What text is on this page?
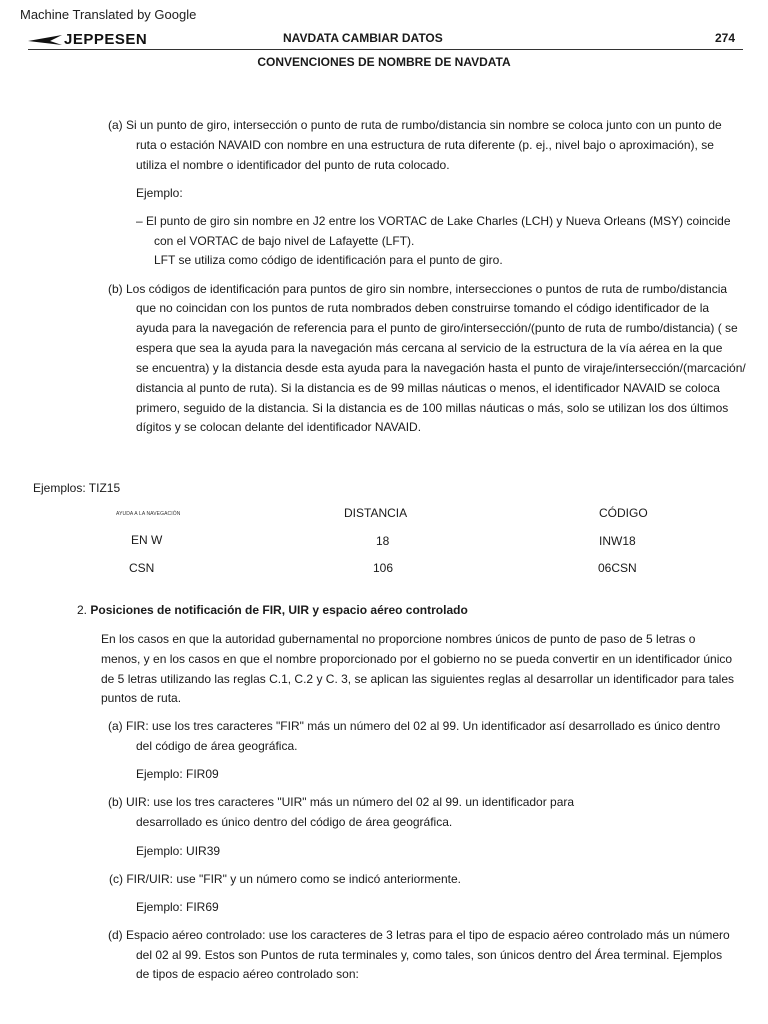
Machine Translated by Google
JEPPESEN	NAVDATA CAMBIAR DATOS	274
CONVENCIONES DE NOMBRE DE NAVDATA
(a) Si un punto de giro, intersección o punto de ruta de rumbo/distancia sin nombre se coloca junto con un punto de
ruta o estación NAVAID con nombre en una estructura de ruta diferente (p. ej., nivel bajo o aproximación), se
utiliza el nombre o identificador del punto de ruta colocado.
Ejemplo:
– El punto de giro sin nombre en J2 entre los VORTAC de Lake Charles (LCH) y Nueva Orleans (MSY) coincide
con el VORTAC de bajo nivel de Lafayette (LFT).
LFT se utiliza como código de identificación para el punto de giro.
(b) Los códigos de identificación para puntos de giro sin nombre, intersecciones o puntos de ruta de rumbo/distancia
que no coincidan con los puntos de ruta nombrados deben construirse tomando el código identificador de la
ayuda para la navegación de referencia para el punto de giro/intersección/(punto de ruta de rumbo/distancia) ( se
espera que sea la ayuda para la navegación más cercana al servicio de la estructura de la vía aérea en la que
se encuentra) y la distancia desde esta ayuda para la navegación hasta el punto de viraje/intersección/(marcación/
distancia al punto de ruta). Si la distancia es de 99 millas náuticas o menos, el identificador NAVAID se coloca
primero, seguido de la distancia. Si la distancia es de 100 millas náuticas o más, solo se utilizan los dos últimos
dígitos y se colocan delante del identificador NAVAID.
Ejemplos: TIZ15
AYUDA A LA NAVEGACIÓN	DISTANCIA	CÓDIGO
EN W	18	INW18
CSN	106	06CSN
2. Posiciones de notificación de FIR, UIR y espacio aéreo controlado
En los casos en que la autoridad gubernamental no proporcione nombres únicos de punto de paso de 5 letras o
menos, y en los casos en que el nombre proporcionado por el gobierno no se pueda convertir en un identificador único
de 5 letras utilizando las reglas C.1, C.2 y C. 3, se aplican las siguientes reglas al desarrollar un identificador para tales
puntos de ruta.
(a) FIR: use los tres caracteres "FIR" más un número del 02 al 99. Un identificador así desarrollado es único dentro
del código de área geográfica.
Ejemplo: FIR09
(b) UIR: use los tres caracteres "UIR" más un número del 02 al 99. un identificador para
desarrollado es único dentro del código de área geográfica.
Ejemplo: UIR39
(c) FIR/UIR: use "FIR" y un número como se indicó anteriormente.
Ejemplo: FIR69
(d) Espacio aéreo controlado: use los caracteres de 3 letras para el tipo de espacio aéreo controlado más un número
del 02 al 99. Estos son Puntos de ruta terminales y, como tales, son únicos dentro del Área terminal. Ejemplos
de tipos de espacio aéreo controlado son:
